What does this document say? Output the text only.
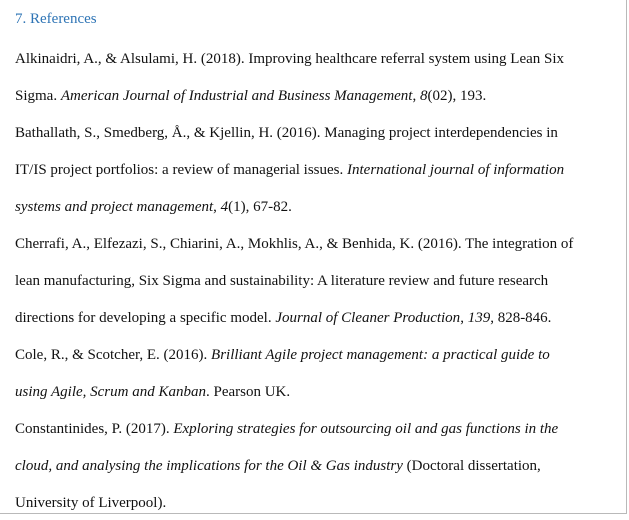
7. References
Alkinaidri, A., & Alsulami, H. (2018). Improving healthcare referral system using Lean Six
Sigma. American Journal of Industrial and Business Management, 8(02), 193.
Bathallath, S., Smedberg, Å., & Kjellin, H. (2016). Managing project interdependencies in
IT/IS project portfolios: a review of managerial issues. International journal of information
systems and project management, 4(1), 67-82.
Cherrafi, A., Elfezazi, S., Chiarini, A., Mokhlis, A., & Benhida, K. (2016). The integration of
lean manufacturing, Six Sigma and sustainability: A literature review and future research
directions for developing a specific model. Journal of Cleaner Production, 139, 828-846.
Cole, R., & Scotcher, E. (2016). Brilliant Agile project management: a practical guide to
using Agile, Scrum and Kanban. Pearson UK.
Constantinides, P. (2017). Exploring strategies for outsourcing oil and gas functions in the
cloud, and analysing the implications for the Oil & Gas industry (Doctoral dissertation,
University of Liverpool).
